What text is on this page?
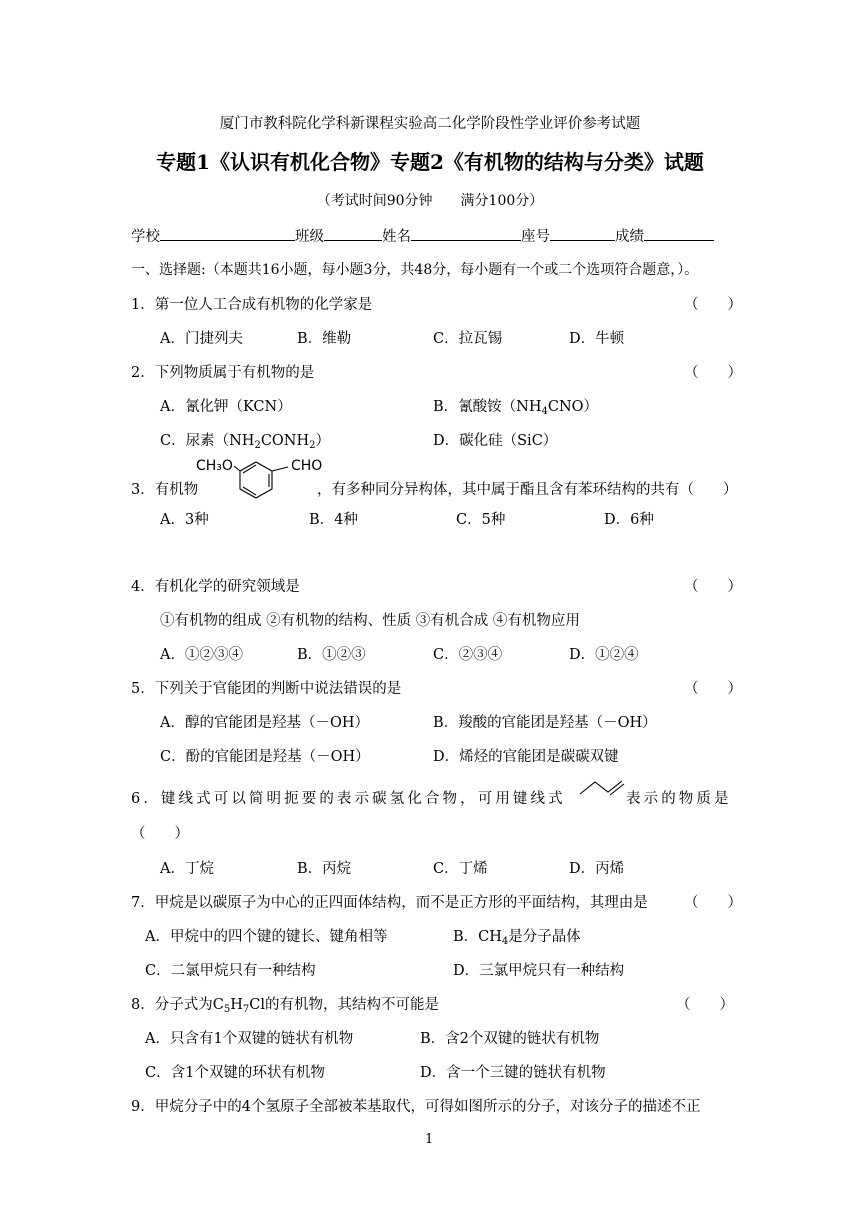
厦门市教科院化学科新课程实验高二化学阶段性学业评价参考试题
专题1《认识有机化合物》专题2《有机物的结构与分类》试题
（考试时间90分钟　　满分100分）
学校	班级	姓名	座号	成绩
一、选择题:（本题共16小题，每小题3分，共48分，每小题有一个或二个选项符合题意，）。
1．第一位人工合成有机物的化学家是	（　　）
A．门捷列夫	B．维勒	C．拉瓦锡	D．牛顿
2．下列物质属于有机物的是	（　　）
A．氰化钾（KCN）	B．氰酸铵$(NH_4CNO)$
C．尿素$(NH_2CONH_2)$	D．碳化硅（SiC）
3．有机物
CH₃O	CHO
，有多种同分异构体，其中属于酯且含有苯环结构的共有（　　）
A．3种	B．4种	C．5种	D．6种
4．有机化学的研究领域是	（　　）
①有机物的组成 ②有机物的结构、性质 ③有机合成 ④有机物应用
A．①②③④	B．①②③	C．②③④	D．①②④
5．下列关于官能团的判断中说法错误的是	（　　）
A．醇的官能团是羟基（－OH）	B．羧酸的官能团是羟基（－OH）
C．酚的官能团是羟基（－OH）	D．烯烃的官能团是碳碳双键
6．键线式可以简明扼要的表示碳氢化合物，可用键线式	表示的物质是
（　　）
A．丁烷	B．丙烷	C．丁烯	D．丙烯
7．甲烷是以碳原子为中心的正四面体结构，而不是正方形的平面结构，其理由是	（　　）
A．甲烷中的四个键的键长、键角相等	B．$CH_4$是分子晶体
C．二氯甲烷只有一种结构	D．三氯甲烷只有一种结构
8．分子式为$C_5H_7Cl$的有机物，其结构不可能是	（　　）
A．只含有1个双键的链状有机物	B．含2个双键的链状有机物
C．含1个双键的环状有机物	D．含一个三键的链状有机物
9．甲烷分子中的4个氢原子全部被苯基取代，可得如图所示的分子，对该分子的描述不正
1
